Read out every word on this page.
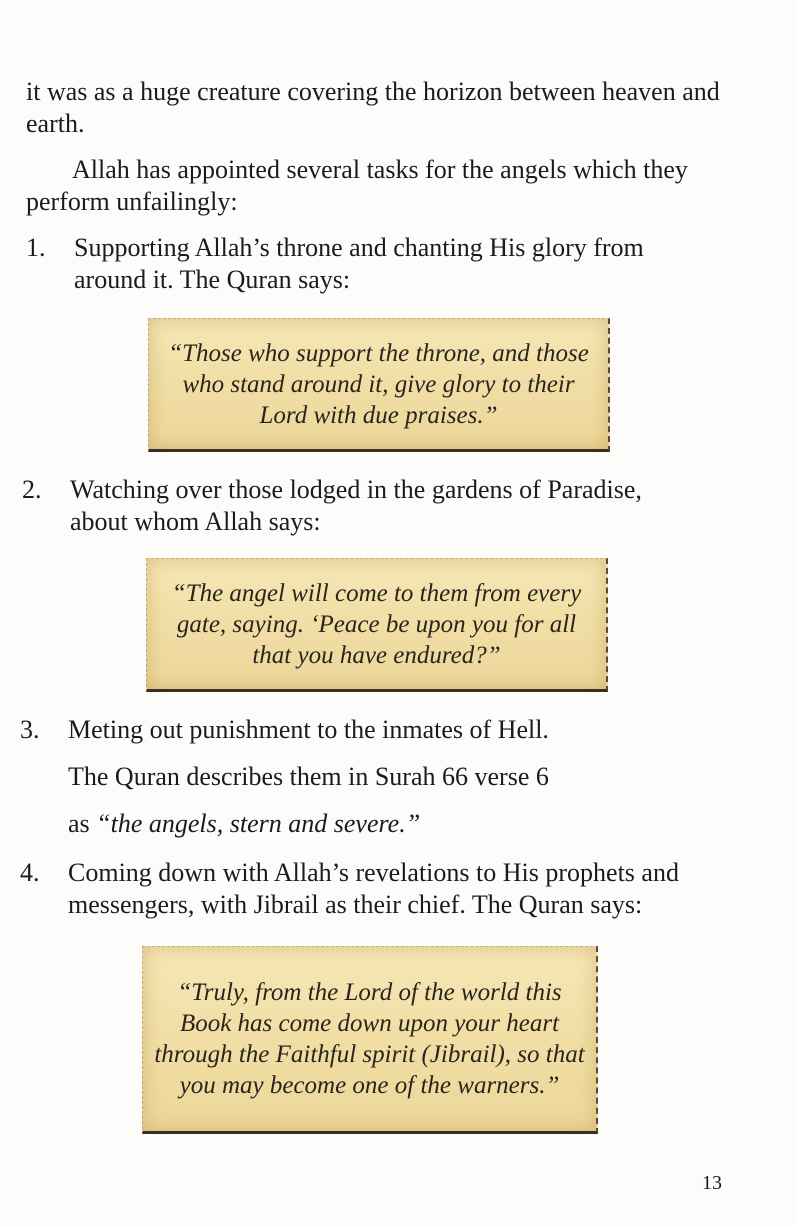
it was as a huge creature covering the horizon between heaven and earth.

Allah has appointed several tasks for the angels which they perform unfailingly:

1. Supporting Allah’s throne and chanting His glory from around it. The Quran says:

“Those who support the throne, and those who stand around it, give glory to their Lord with due praises.”

2. Watching over those lodged in the gardens of Paradise, about whom Allah says:

“The angel will come to them from every gate, saying. ‘Peace be upon you for all that you have endured?”

3. Meting out punishment to the inmates of Hell.

The Quran describes them in Surah 66 verse 6

as “the angels, stern and severe.”

4. Coming down with Allah’s revelations to His prophets and messengers, with Jibrail as their chief. The Quran says:

“Truly, from the Lord of the world this Book has come down upon your heart through the Faithful spirit (Jibrail), so that you may become one of the warners.”

13
